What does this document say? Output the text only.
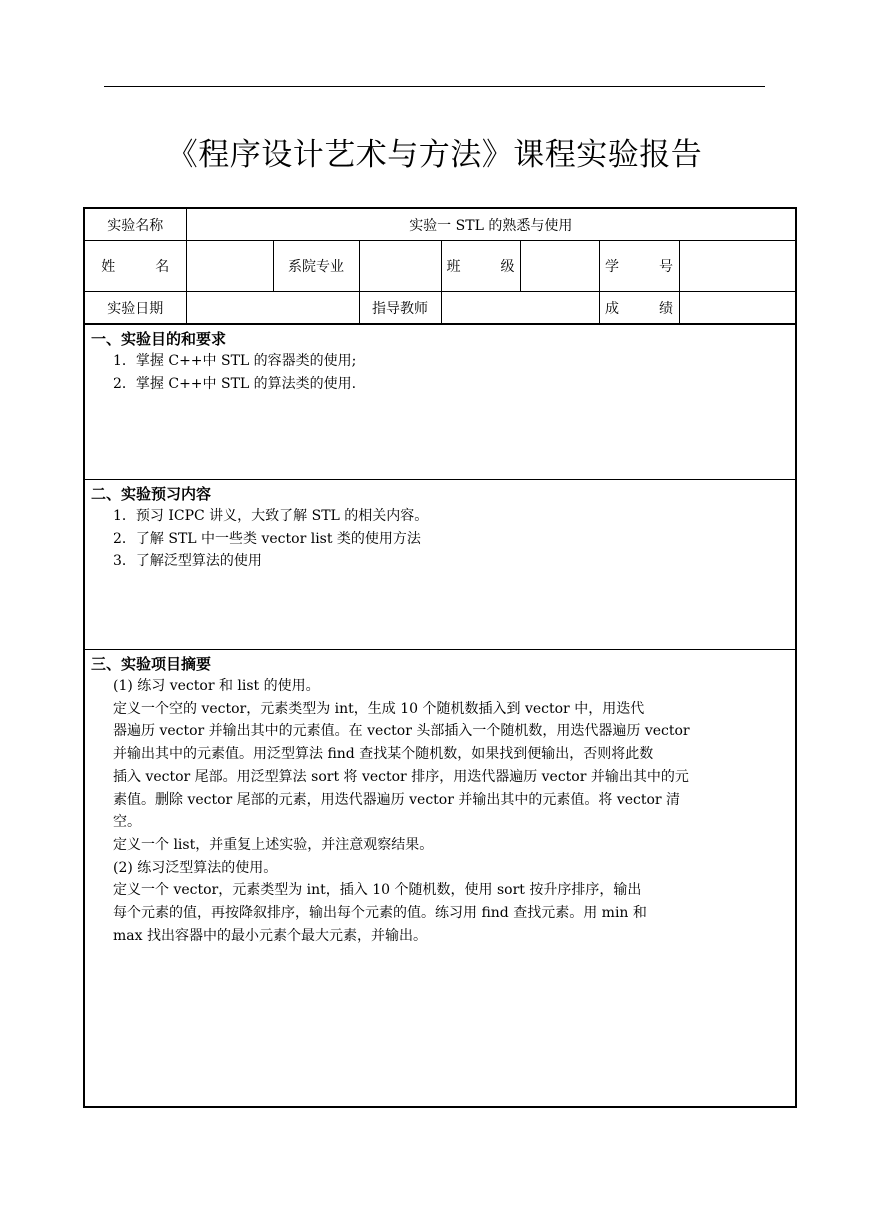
《程序设计艺术与方法》课程实验报告
实验名称	实验一 STL 的熟悉与使用						
姓 名		系院专业		班 级		学 号	
实验日期			指导教师			成 绩	
一、实验目的和要求
1．掌握 C++中 STL 的容器类的使用;
2．掌握 C++中 STL 的算法类的使用.
二、实验预习内容
1．预习 ICPC 讲义，大致了解 STL 的相关内容。
2．了解 STL 中一些类 vector list 类的使用方法
3．了解泛型算法的使用
三、实验项目摘要
(1) 练习 vector 和 list 的使用。
定义一个空的 vector，元素类型为 int，生成 10 个随机数插入到 vector 中，用迭代
器遍历 vector 并输出其中的元素值。在 vector 头部插入一个随机数，用迭代器遍历 vector
并输出其中的元素值。用泛型算法 find 查找某个随机数，如果找到便输出，否则将此数
插入 vector 尾部。用泛型算法 sort 将 vector 排序，用迭代器遍历 vector 并输出其中的元
素值。删除 vector 尾部的元素，用迭代器遍历 vector 并输出其中的元素值。将 vector 清
空。
定义一个 list，并重复上述实验，并注意观察结果。
(2) 练习泛型算法的使用。
定义一个 vector，元素类型为 int，插入 10 个随机数，使用 sort 按升序排序，输出
每个元素的值，再按降叙排序，输出每个元素的值。练习用 find 查找元素。用 min 和
max 找出容器中的最小元素个最大元素，并输出。
